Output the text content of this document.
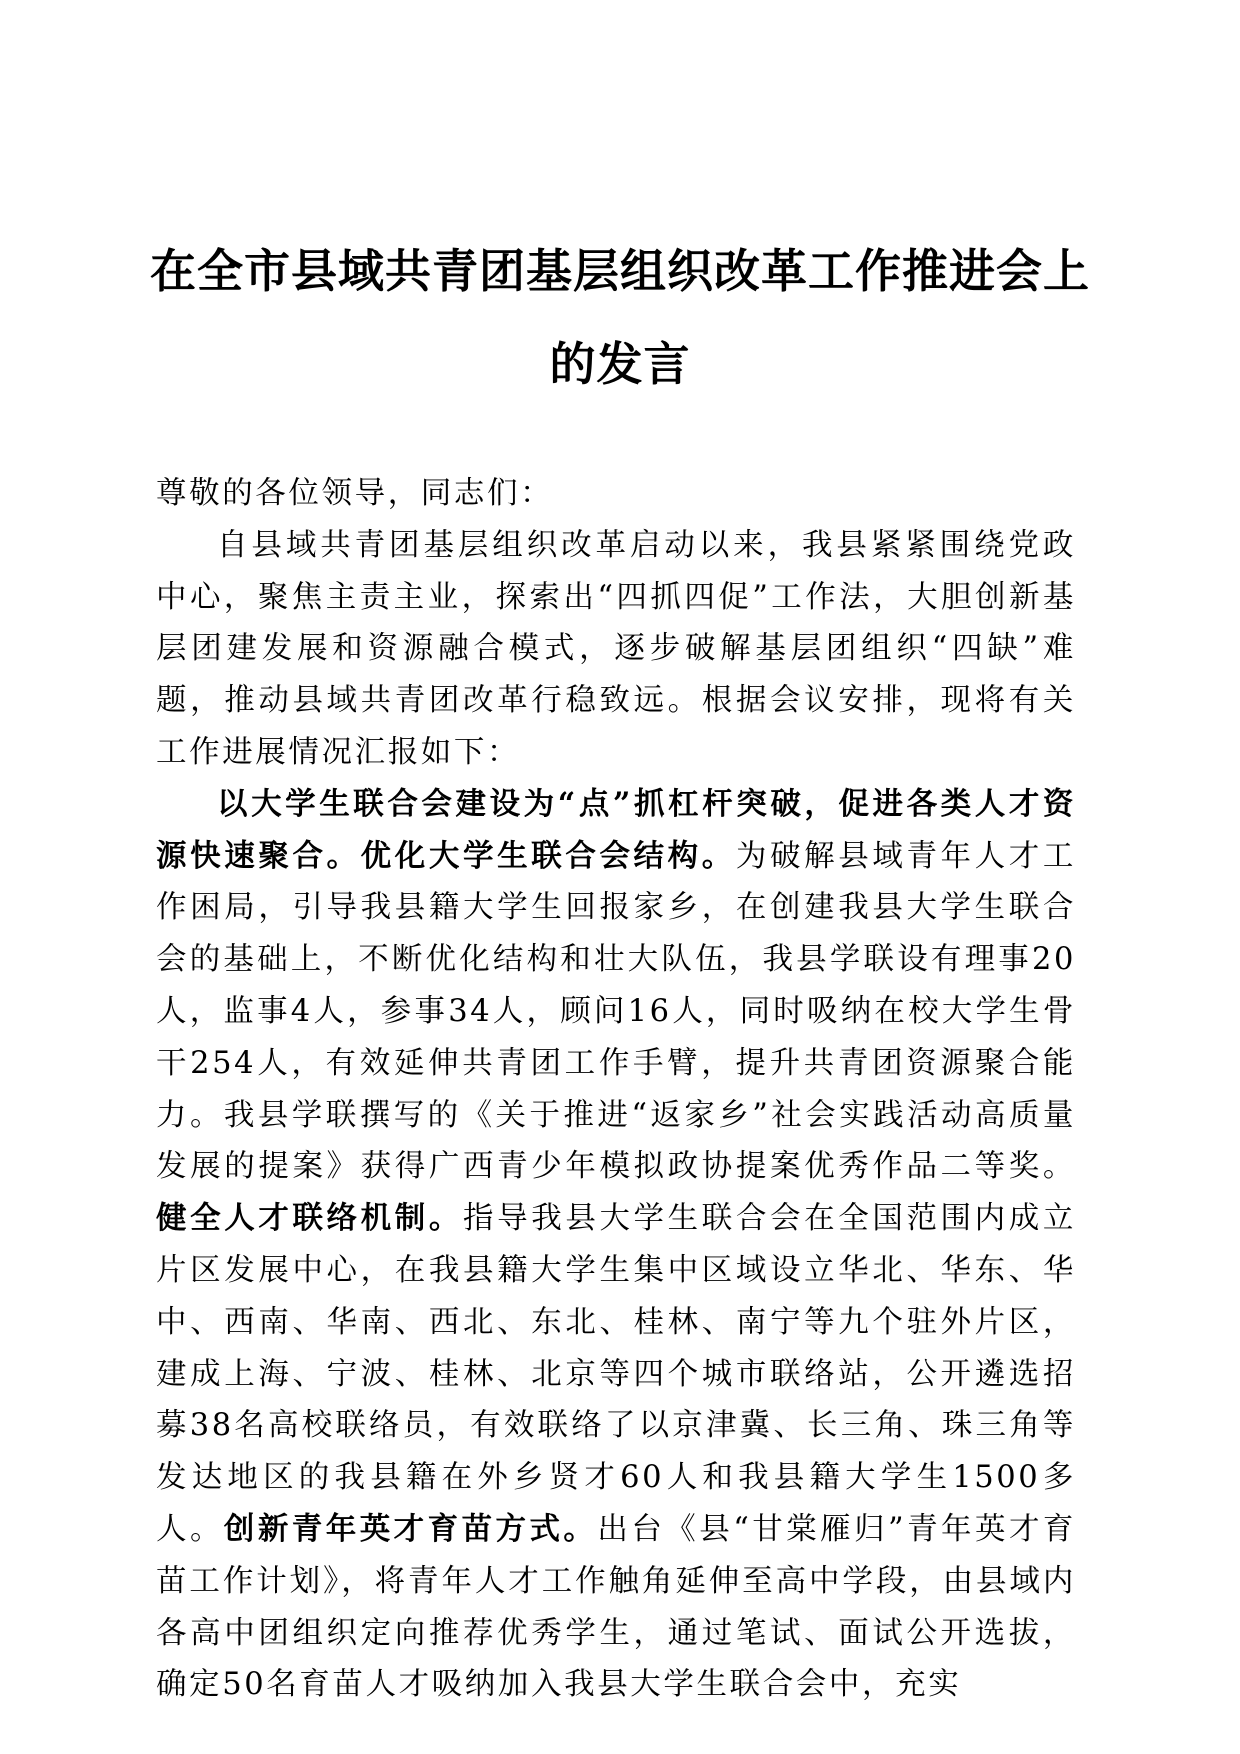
在全市县域共青团基层组织改革工作推进会上
的发言

尊敬的各位领导，同志们：

自县域共青团基层组织改革启动以来，我县紧紧围绕党政中心，聚焦主责主业，探索出“四抓四促”工作法，大胆创新基层团建发展和资源融合模式，逐步破解基层团组织“四缺”难题，推动县域共青团改革行稳致远。根据会议安排，现将有关工作进展情况汇报如下：

以大学生联合会建设为“点”抓杠杆突破，促进各类人才资源快速聚合。优化大学生联合会结构。为破解县域青年人才工作困局，引导我县籍大学生回报家乡，在创建我县大学生联合会的基础上，不断优化结构和壮大队伍，我县学联设有理事20人，监事4人，参事34人，顾问16人，同时吸纳在校大学生骨干254人，有效延伸共青团工作手臂，提升共青团资源聚合能力。我县学联撰写的《关于推进“返家乡”社会实践活动高质量发展的提案》获得广西青少年模拟政协提案优秀作品二等奖。健全人才联络机制。指导我县大学生联合会在全国范围内成立片区发展中心，在我县籍大学生集中区域设立华北、华东、华中、西南、华南、西北、东北、桂林、南宁等九个驻外片区，建成上海、宁波、桂林、北京等四个城市联络站，公开遴选招募38名高校联络员，有效联络了以京津冀、长三角、珠三角等发达地区的我县籍在外乡贤才60人和我县籍大学生1500多人。创新青年英才育苗方式。出台《县“甘棠雁归”青年英才育苗工作计划》，将青年人才工作触角延伸至高中学段，由县域内各高中团组织定向推荐优秀学生，通过笔试、面试公开选拔，确定50名育苗人才吸纳加入我县大学生联合会中，充实
